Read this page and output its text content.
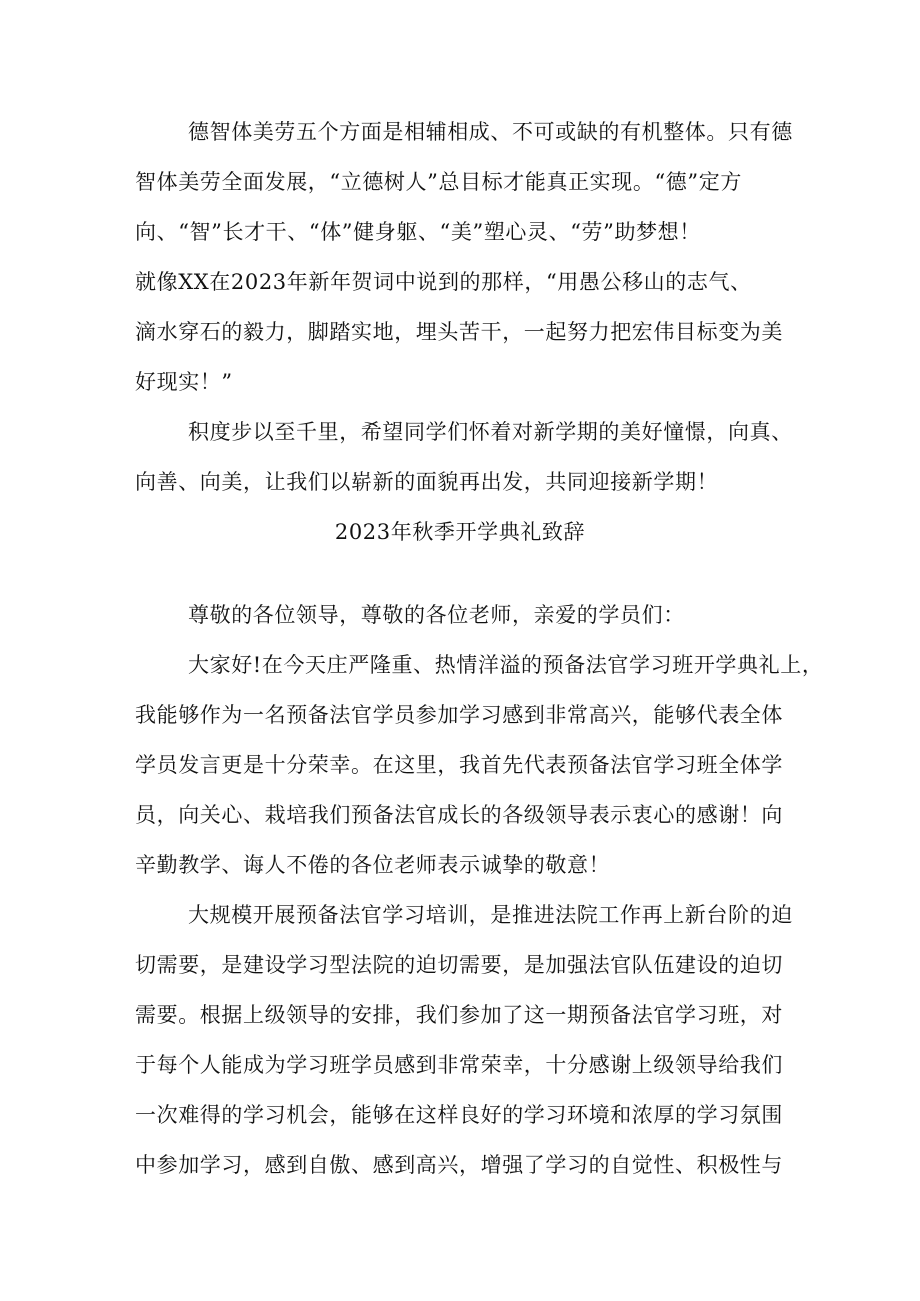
德智体美劳五个方面是相辅相成、不可或缺的有机整体。只有德
智体美劳全面发展，“立德树人”总目标才能真正实现。“德”定方
向、“智”长才干、“体”健身躯、“美”塑心灵、“劳”助梦想！
就像XX在2023年新年贺词中说到的那样，“用愚公移山的志气、
滴水穿石的毅力，脚踏实地，埋头苦干，一起努力把宏伟目标变为美
好现实！”
积度步以至千里，希望同学们怀着对新学期的美好憧憬，向真、
向善、向美，让我们以崭新的面貌再出发，共同迎接新学期！
2023年秋季开学典礼致辞
尊敬的各位领导，尊敬的各位老师，亲爱的学员们：
大家好!在今天庄严隆重、热情洋溢的预备法官学习班开学典礼上，
我能够作为一名预备法官学员参加学习感到非常高兴，能够代表全体
学员发言更是十分荣幸。在这里，我首先代表预备法官学习班全体学
员，向关心、栽培我们预备法官成长的各级领导表示衷心的感谢！向
辛勤教学、诲人不倦的各位老师表示诚挚的敬意！
大规模开展预备法官学习培训，是推进法院工作再上新台阶的迫
切需要，是建设学习型法院的迫切需要，是加强法官队伍建设的迫切
需要。根据上级领导的安排，我们参加了这一期预备法官学习班，对
于每个人能成为学习班学员感到非常荣幸，十分感谢上级领导给我们
一次难得的学习机会，能够在这样良好的学习环境和浓厚的学习氛围
中参加学习，感到自傲、感到高兴，增强了学习的自觉性、积极性与
